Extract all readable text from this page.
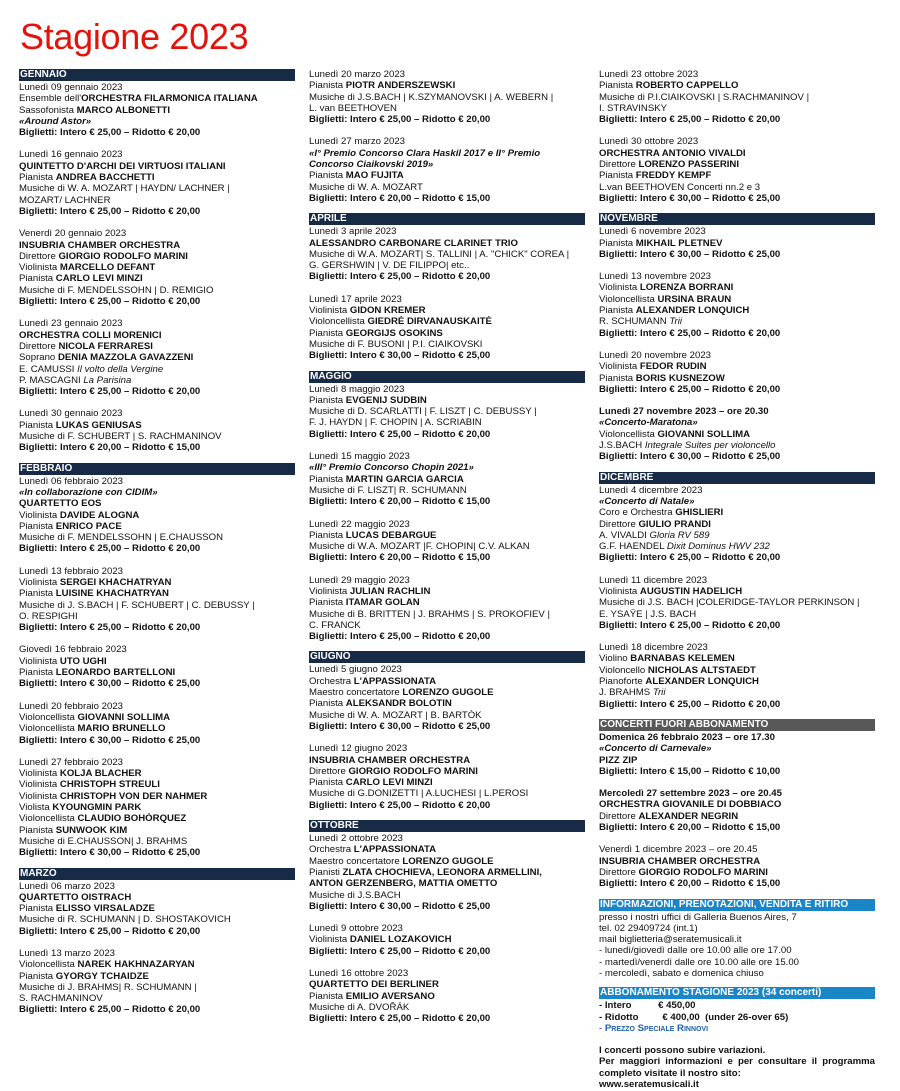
Stagione 2023
GENNAIO
Lunedì 09 gennaio 2023
Ensemble dell'ORCHESTRA FILARMONICA ITALIANA
Sassofonista MARCO ALBONETTI
«Around Astor»
Biglietti: Intero € 25,00 – Ridotto € 20,00
Lunedì 16 gennaio 2023
QUINTETTO D'ARCHI DEI VIRTUOSI ITALIANI
Pianista ANDREA BACCHETTI
Musiche di W. A. MOZART | HAYDN/ LACHNER |
MOZART/ LACHNER
Biglietti: Intero € 25,00 – Ridotto € 20,00
Venerdì 20 gennaio 2023
INSUBRIA CHAMBER ORCHESTRA
Direttore GIORGIO RODOLFO MARINI
Violinista MARCELLO DEFANT
Pianista CARLO LEVI MINZI
Musiche di F. MENDELSSOHN | D. REMIGIO
Biglietti: Intero € 25,00 – Ridotto € 20,00
Lunedì 23 gennaio 2023
ORCHESTRA COLLI MORENICI
Direttore NICOLA FERRARESI
Soprano DENIA MAZZOLA GAVAZZENI
E. CAMUSSI Il volto della Vergine
P. MASCAGNI La Parisina
Biglietti: Intero € 25,00 – Ridotto € 20,00
Lunedì 30 gennaio 2023
Pianista LUKAS GENIUSAS
Musiche di F. SCHUBERT | S. RACHMANINOV
Biglietti: Intero € 20,00 – Ridotto € 15,00
FEBBRAIO
Lunedì 06 febbraio 2023
«In collaborazione con CIDIM»
QUARTETTO EOS
Violinista DAVIDE ALOGNA
Pianista ENRICO PACE
Musiche di F. MENDELSSOHN | E.CHAUSSON
Biglietti: Intero € 25,00 – Ridotto € 20,00
Lunedì 13 febbraio 2023
Violinista SERGEI KHACHATRYAN
Pianista LUISINE KHACHATRYAN
Musiche di J. S.BACH | F. SCHUBERT | C. DEBUSSY |
O. RESPIGHI
Biglietti: Intero € 25,00 – Ridotto € 20,00
Giovedì 16 febbraio 2023
Violinista UTO UGHI
Pianista LEONARDO BARTELLONI
Biglietti: Intero € 30,00 – Ridotto € 25,00
Lunedì 20 febbraio 2023
Violoncellista GIOVANNI SOLLIMA
Violoncellista MARIO BRUNELLO
Biglietti: Intero € 30,00 – Ridotto € 25,00
Lunedì 27 febbraio 2023
Violinista KOLJA BLACHER
Violinista CHRISTOPH STREULI
Violinista CHRISTOPH VON DER NAHMER
Violista KYOUNGMIN PARK
Violoncellista CLAUDIO BOHÓRQUEZ
Pianista SUNWOOK KIM
Musiche di E.CHAUSSON| J. BRAHMS
Biglietti: Intero € 30,00 – Ridotto € 25,00
MARZO
Lunedì 06 marzo 2023
QUARTETTO OISTRACH
Pianista ELISSO VIRSALADZE
Musiche di R. SCHUMANN | D. SHOSTAKOVICH
Biglietti: Intero € 25,00 – Ridotto € 20,00
Lunedì 13 marzo 2023
Violoncellista NAREK HAKHNAZARYAN
Pianista GYORGY TCHAIDZE
Musiche di J. BRAHMS| R. SCHUMANN |
S. RACHMANINOV
Biglietti: Intero € 25,00 – Ridotto € 20,00
Lunedì 20 marzo 2023
Pianista PIOTR ANDERSZEWSKI
Musiche di J.S.BACH | K.SZYMANOVSKI | A. WEBERN |
L. van BEETHOVEN
Biglietti: Intero € 25,00 – Ridotto € 20,00
Lunedì 27 marzo 2023
«I° Premio Concorso Clara Haskil 2017 e II° Premio
Concorso Ciaikovski 2019»
Pianista MAO FUJITA
Musiche di W. A. MOZART
Biglietti: Intero € 20,00 – Ridotto € 15,00
APRILE
Lunedì 3 aprile 2023
ALESSANDRO CARBONARE CLARINET TRIO
Musiche di W.A. MOZART| S. TALLINI | A. "CHICK" COREA |
G. GERSHWIN | V. DE FILIPPO| etc..
Biglietti: Intero € 25,00 – Ridotto € 20,00
Lunedì 17 aprile 2023
Violinista GIDON KREMER
Violoncellista GIEDRĖ DIRVANAUSKAITĖ
Pianista GEORGIJS OSOKINS
Musiche di F. BUSONI | P.I. CIAIKOVSKI
Biglietti: Intero € 30,00 – Ridotto € 25,00
MAGGIO
Lunedì 8 maggio 2023
Pianista EVGENIJ SUDBIN
Musiche di D. SCARLATTI | F. LISZT | C. DEBUSSY |
F. J. HAYDN | F. CHOPIN | A. SCRIABIN
Biglietti: Intero € 25,00 – Ridotto € 20,00
Lunedì 15 maggio 2023
«III° Premio Concorso Chopin 2021»
Pianista MARTIN GARCIA GARCIA
Musiche di F. LISZT| R. SCHUMANN
Biglietti: Intero € 20,00 – Ridotto € 15,00
Lunedì 22 maggio 2023
Pianista LUCAS DEBARGUE
Musiche di W.A. MOZART |F. CHOPIN| C.V. ALKAN
Biglietti: Intero € 20,00 – Ridotto € 15,00
Lunedì 29 maggio 2023
Violinista JULIAN RACHLIN
Pianista ITAMAR GOLAN
Musiche di B. BRITTEN | J. BRAHMS | S. PROKOFIEV |
C. FRANCK
Biglietti: Intero € 25,00 – Ridotto € 20,00
GIUGNO
Lunedì 5 giugno 2023
Orchestra L'APPASSIONATA
Maestro concertatore LORENZO GUGOLE
Pianista ALEKSANDR BOLOTIN
Musiche di W. A. MOZART | B. BARTÓK
Biglietti: Intero € 30,00 – Ridotto € 25,00
Lunedì 12 giugno 2023
INSUBRIA CHAMBER ORCHESTRA
Direttore GIORGIO RODOLFO MARINI
Pianista CARLO LEVI MINZI
Musiche di G.DONIZETTI | A.LUCHESI | L.PEROSI
Biglietti: Intero € 25,00 – Ridotto € 20,00
OTTOBRE
Lunedì 2 ottobre 2023
Orchestra L'APPASSIONATA
Maestro concertatore LORENZO GUGOLE
Pianisti ZLATA CHOCHIEVA, LEONORA ARMELLINI,
ANTON GERZENBERG, MATTIA OMETTO
Musiche di J.S.BACH
Biglietti: Intero € 30,00 – Ridotto € 25,00
Lunedì 9 ottobre 2023
Violinista DANIEL LOZAKOVICH
Biglietti: Intero € 25,00 – Ridotto € 20,00
Lunedì 16 ottobre 2023
QUARTETTO DEI BERLINER
Pianista EMILIO AVERSANO
Musiche di A. DVOŘÁK
Biglietti: Intero € 25,00 – Ridotto € 20,00
Lunedì 23 ottobre 2023
Pianista ROBERTO CAPPELLO
Musiche di P.I.CIAIKOVSKI | S.RACHMANINOV |
I. STRAVINSKY
Biglietti: Intero € 25,00 – Ridotto € 20,00
Lunedì 30 ottobre 2023
ORCHESTRA ANTONIO VIVALDI
Direttore LORENZO PASSERINI
Pianista FREDDY KEMPF
L.van BEETHOVEN Concerti nn.2 e 3
Biglietti: Intero € 30,00 – Ridotto € 25,00
NOVEMBRE
Lunedì 6 novembre 2023
Pianista MIKHAIL PLETNEV
Biglietti: Intero € 30,00 – Ridotto € 25,00
Lunedì 13 novembre 2023
Violinista LORENZA BORRANI
Violoncellista URSINA BRAUN
Pianista ALEXANDER LONQUICH
R. SCHUMANN Trii
Biglietti: Intero € 25,00 – Ridotto € 20,00
Lunedì 20 novembre 2023
Violinista FEDOR RUDIN
Pianista BORIS KUSNEZOW
Biglietti: Intero € 25,00 – Ridotto € 20,00
Lunedì 27 novembre 2023 – ore 20.30
«Concerto-Maratona»
Violoncellista GIOVANNI SOLLIMA
J.S.BACH Integrale Suites per violoncello
Biglietti: Intero € 30,00 – Ridotto € 25,00
DICEMBRE
Lunedì 4 dicembre 2023
«Concerto di Natale»
Coro e Orchestra GHISLIERI
Direttore GIULIO PRANDI
A. VIVALDI Gloria RV 589
G.F. HAENDEL Dixit Dominus HWV 232
Biglietti: Intero € 25,00 – Ridotto € 20,00
Lunedì 11 dicembre 2023
Violinista AUGUSTIN HADELICH
Musiche di J.S. BACH |COLERIDGE-TAYLOR PERKINSON |
E. YSAŸE | J.S. BACH
Biglietti: Intero € 25,00 – Ridotto € 20,00
Lunedì 18 dicembre 2023
Violino BARNABAS KELEMEN
Violoncello NICHOLAS ALTSTAEDT
Pianoforte ALEXANDER LONQUICH
J. BRAHMS Trii
Biglietti: Intero € 25,00 – Ridotto € 20,00
CONCERTI FUORI ABBONAMENTO
Domenica 26 febbraio 2023 – ore 17.30
«Concerto di Carnevale»
PIZZ ZIP
Biglietti: Intero € 15,00 – Ridotto € 10,00
Mercoledì 27 settembre 2023 – ore 20.45
ORCHESTRA GIOVANILE DI DOBBIACO
Direttore ALEXANDER NEGRIN
Biglietti: Intero € 20,00 – Ridotto € 15,00
Venerdì 1 dicembre 2023 – ore 20.45
INSUBRIA CHAMBER ORCHESTRA
Direttore GIORGIO RODOLFO MARINI
Biglietti: Intero € 20,00 – Ridotto € 15,00
INFORMAZIONI, PRENOTAZIONI, VENDITA E RITIRO
presso i nostri uffici di Galleria Buenos Aires, 7
tel. 02 29409724 (int.1)
mail biglietteria@seratemusicali.it
- lunedì/giovedì dalle ore 10.00 alle ore 17.00
- martedì/venerdì dalle ore 10.00 alle ore 15.00
- mercoledì, sabato e domenica chiuso
ABBONAMENTO STAGIONE 2023 (34 concerti)
- Intero          € 450,00
- Ridotto         € 400,00  (under 26-over 65)
- Prezzo Speciale Rinnovi
I concerti possono subire variazioni.
Per maggiori informazioni e per consultare il programma completo visitate il nostro sito:
www.seratemusicali.it
